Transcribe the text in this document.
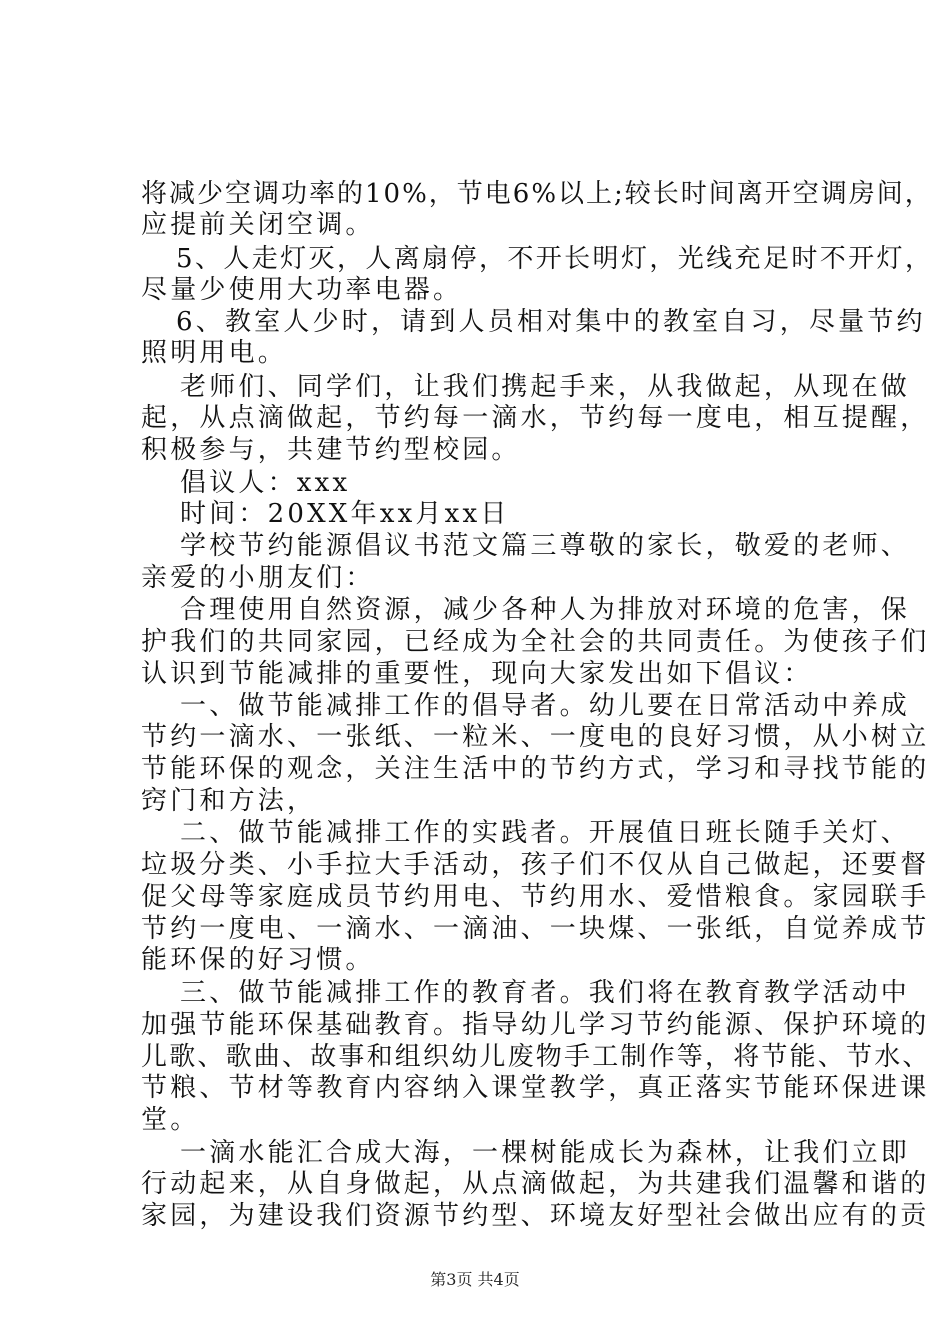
将减少空调功率的10%，节电6%以上;较长时间离开空调房间，
应提前关闭空调。
5、人走灯灭，人离扇停，不开长明灯，光线充足时不开灯，
尽量少使用大功率电器。
6、教室人少时，请到人员相对集中的教室自习，尽量节约
照明用电。
老师们、同学们，让我们携起手来，从我做起，从现在做
起，从点滴做起，节约每一滴水，节约每一度电，相互提醒，
积极参与，共建节约型校园。
倡议人：xxx
时间：20XX年xx月xx日
学校节约能源倡议书范文篇三尊敬的家长，敬爱的老师、
亲爱的小朋友们：
合理使用自然资源，减少各种人为排放对环境的危害，保
护我们的共同家园，已经成为全社会的共同责任。为使孩子们
认识到节能减排的重要性，现向大家发出如下倡议：
一、做节能减排工作的倡导者。幼儿要在日常活动中养成
节约一滴水、一张纸、一粒米、一度电的良好习惯，从小树立
节能环保的观念，关注生活中的节约方式，学习和寻找节能的
窍门和方法，
二、做节能减排工作的实践者。开展值日班长随手关灯、
垃圾分类、小手拉大手活动，孩子们不仅从自己做起，还要督
促父母等家庭成员节约用电、节约用水、爱惜粮食。家园联手
节约一度电、一滴水、一滴油、一块煤、一张纸，自觉养成节
能环保的好习惯。
三、做节能减排工作的教育者。我们将在教育教学活动中
加强节能环保基础教育。指导幼儿学习节约能源、保护环境的
儿歌、歌曲、故事和组织幼儿废物手工制作等，将节能、节水、
节粮、节材等教育内容纳入课堂教学，真正落实节能环保进课
堂。
一滴水能汇合成大海，一棵树能成长为森林，让我们立即
行动起来，从自身做起，从点滴做起，为共建我们温馨和谐的
家园，为建设我们资源节约型、环境友好型社会做出应有的贡
第3页 共4页
